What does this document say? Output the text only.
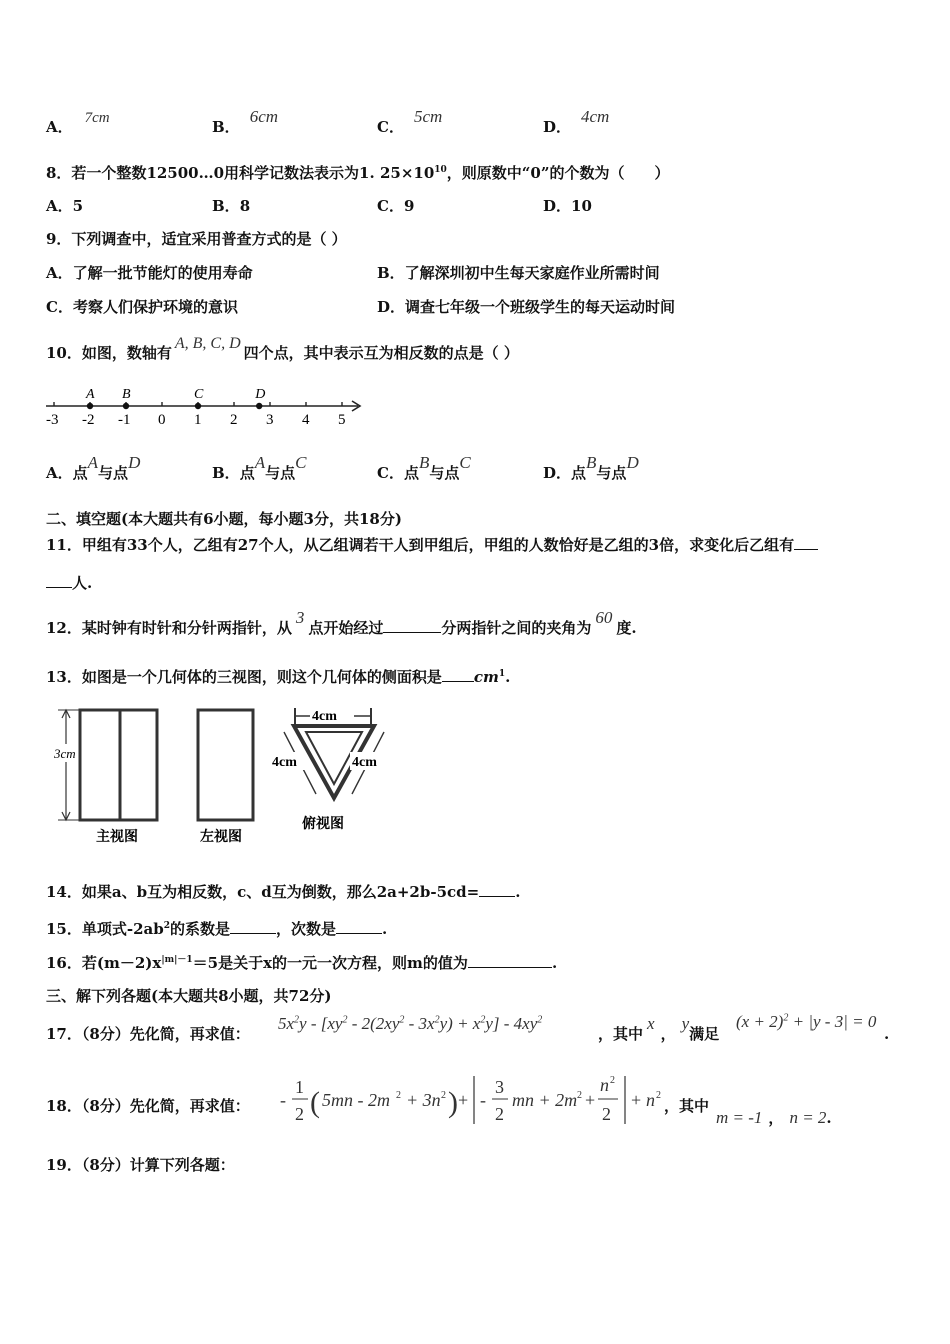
A． 7cm	B．6cm
C．5cm
D．4cm
8．若一个整数12500…0用科学记数法表示为1. $25\times 10^{10}$，则原数中“0”的个数为（　　）
A．5	B．8	C．9	D．10
9．下列调查中，适宜采用普查方式的是（ ）
A．了解一批节能灯的使用寿命	B．了解深圳初中生每天家庭作业所需时间
C．考察人们保护环境的意识	D．调查七年级一个班级学生的每天运动时间
10．如图，数轴有A, B, C, D四个点，其中表示互为相反数的点是（ ）
-3 -2 -1 0 1 2 3 4 5
A B	C	D
A．点A与点D
B．点A与点C
C．点B与点C
D．点B与点D
二、填空题(本大题共有6小题，每小题3分，共18分)
11．甲组有33个人，乙组有27个人，从乙组调若干人到甲组后，甲组的人数恰好是乙组的3倍，求变化后乙组有
人.
12．某时钟有时针和分针两指针，从3点开始经过	分两指针之间的夹角为60度.
13．如图是一个几何体的三视图，则这个几何体的侧面积是 $cm^1$.
3cm
主视图	左视图
4cm
4cm	4cm
俯视图
14．如果a、b互为相反数，c、d互为倒数，那么2a+2b-5cd= .
15．单项式$-2ab^2$的系数是	，次数是	.
16．若$(m-2)x^{|m|-1}=5$是关于x的一元一次方程，则m的值为	.
三、解下列各题(本大题共8小题，共72分)
17．（8分）先化简，再求值：
$5x^2y - [xy^2 - 2(2xy^2 - 3x^2y) + x^2y] - 4xy^2$
，其中x，y满足
$(x + 2)^2 + |y - 3| = 0$
.
18．（8分）先化简，再求值： -
1
2 ( 5mn - 2m 2 + 3n 2 ) + -
3
2
mn + 2m 2 +
n 2
2
+ n 2
，其中
m = -1 ， n = 2.
19．（8分）计算下列各题：
